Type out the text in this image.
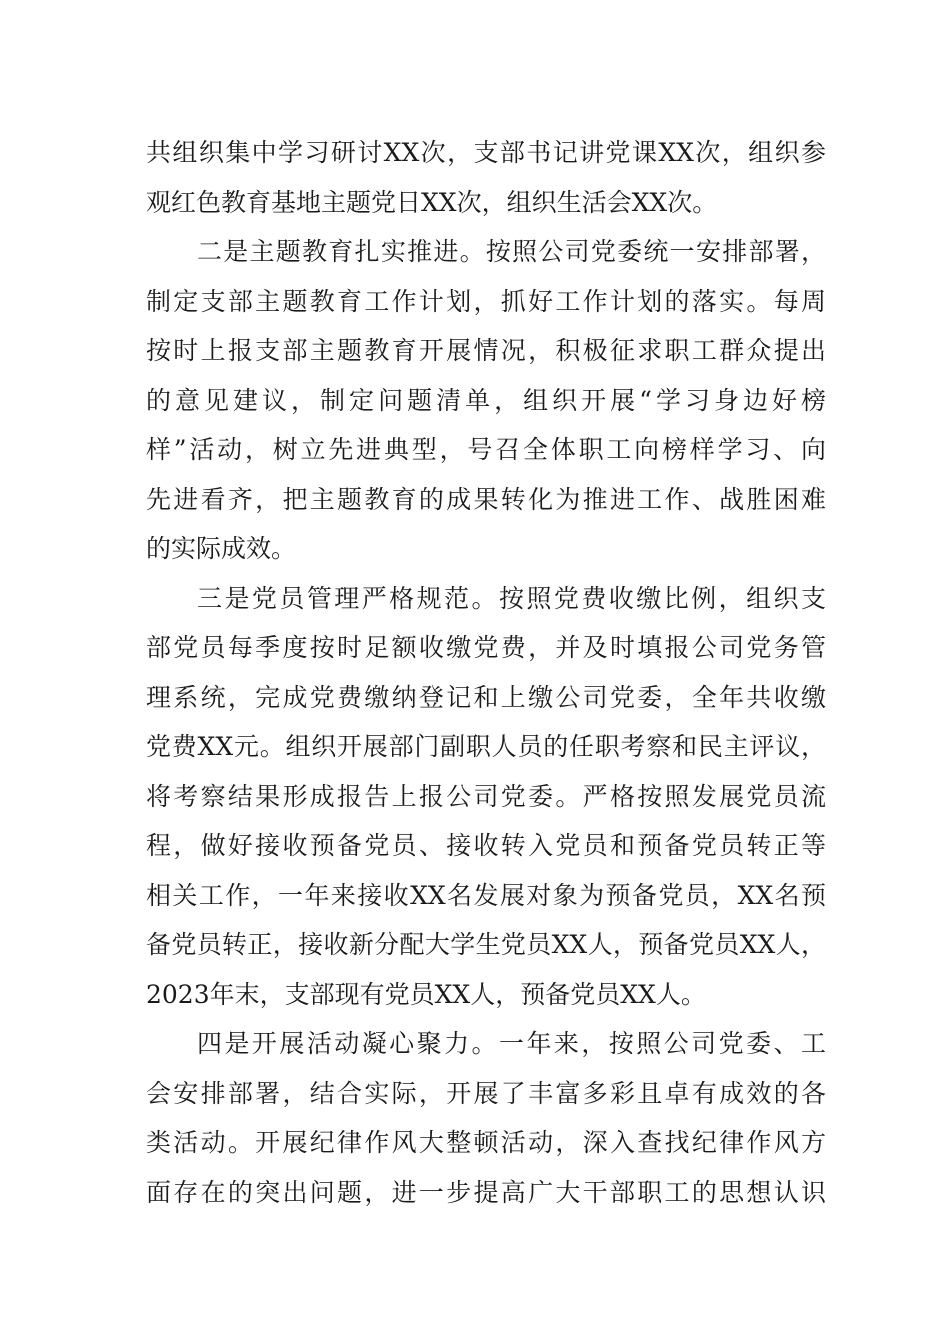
共组织集中学习研讨XX次，支部书记讲党课XX次，组织参
观红色教育基地主题党日XX次，组织生活会XX次。
二是主题教育扎实推进。按照公司党委统一安排部署，
制定支部主题教育工作计划，抓好工作计划的落实。每周
按时上报支部主题教育开展情况，积极征求职工群众提出
的意见建议，制定问题清单，组织开展“学习身边好榜
样”活动，树立先进典型，号召全体职工向榜样学习、向
先进看齐，把主题教育的成果转化为推进工作、战胜困难
的实际成效。
三是党员管理严格规范。按照党费收缴比例，组织支
部党员每季度按时足额收缴党费，并及时填报公司党务管
理系统，完成党费缴纳登记和上缴公司党委，全年共收缴
党费XX元。组织开展部门副职人员的任职考察和民主评议，
将考察结果形成报告上报公司党委。严格按照发展党员流
程，做好接收预备党员、接收转入党员和预备党员转正等
相关工作，一年来接收XX名发展对象为预备党员，XX名预
备党员转正，接收新分配大学生党员XX人，预备党员XX人，
2023年末，支部现有党员XX人，预备党员XX人。
四是开展活动凝心聚力。一年来，按照公司党委、工
会安排部署，结合实际，开展了丰富多彩且卓有成效的各
类活动。开展纪律作风大整顿活动，深入查找纪律作风方
面存在的突出问题，进一步提高广大干部职工的思想认识
